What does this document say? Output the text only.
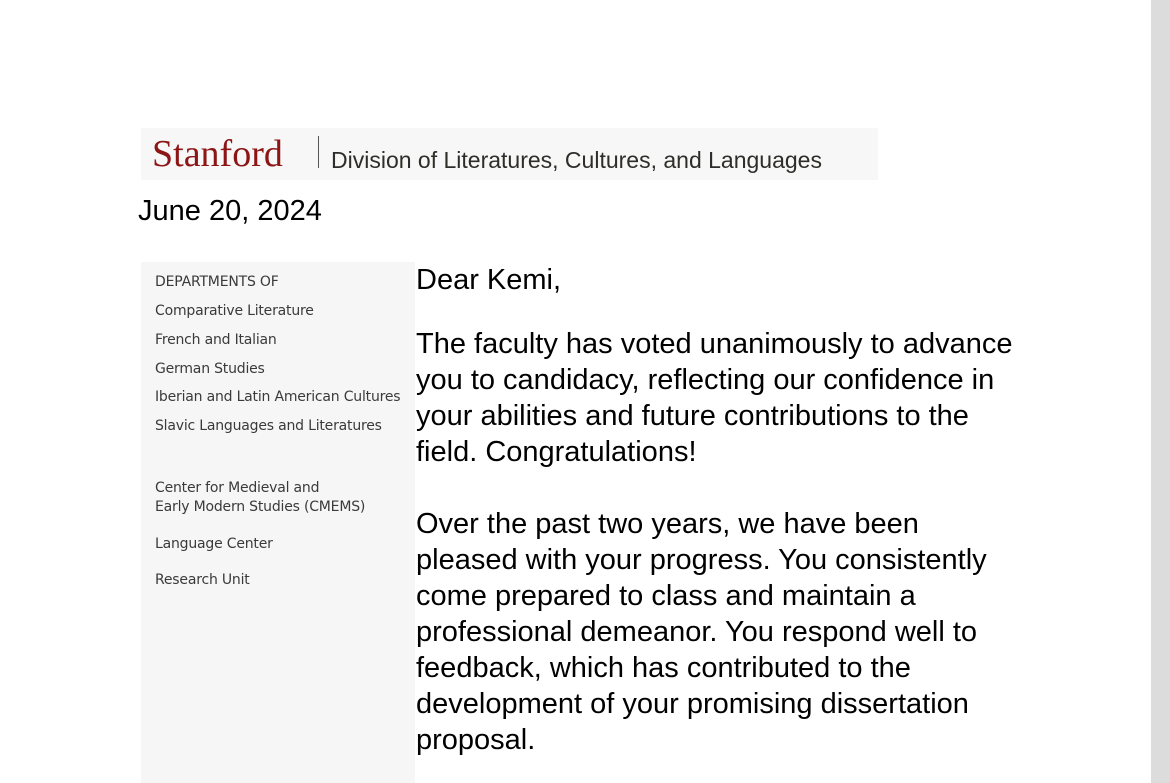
Stanford Division of Literatures, Cultures, and Languages
June 20, 2024
DEPARTMENTS OF
Comparative Literature
French and Italian
German Studies
Iberian and Latin American Cultures
Slavic Languages and Literatures
Center for Medieval and
Early Modern Studies (CMEMS)
Language Center
Research Unit

Dear Kemi,

The faculty has voted unanimously to advance you to candidacy, reflecting our confidence in your abilities and future contributions to the field. Congratulations!

Over the past two years, we have been pleased with your progress. You consistently come prepared to class and maintain a professional demeanor. You respond well to feedback, which has contributed to the development of your promising dissertation proposal.
